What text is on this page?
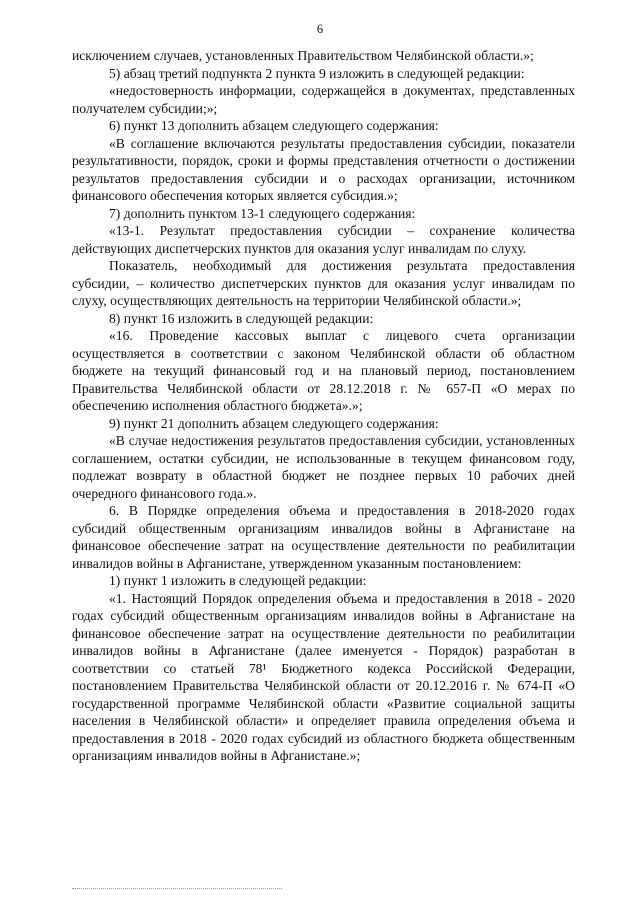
6

исключением случаев, установленных Правительством Челябинской области.»;

5) абзац третий подпункта 2 пункта 9 изложить в следующей редакции:

«недостоверность информации, содержащейся в документах, представленных получателем субсидии;»;

6) пункт 13 дополнить абзацем следующего содержания:

«В соглашение включаются результаты предоставления субсидии, показатели результативности, порядок, сроки и формы представления отчетности о достижении результатов предоставления субсидии и о расходах организации, источником финансового обеспечения которых является субсидия.»;

7) дополнить пунктом 13-1 следующего содержания:

«13-1. Результат предоставления субсидии – сохранение количества действующих диспетчерских пунктов для оказания услуг инвалидам по слуху.

Показатель, необходимый для достижения результата предоставления субсидии, – количество диспетчерских пунктов для оказания услуг инвалидам по слуху, осуществляющих деятельность на территории Челябинской области.»;

8) пункт 16 изложить в следующей редакции:

«16. Проведение кассовых выплат с лицевого счета организации осуществляется в соответствии с законом Челябинской области об областном бюджете на текущий финансовый год и на плановый период, постановлением Правительства Челябинской области от 28.12.2018 г. № 657-П «О мерах по обеспечению исполнения областного бюджета».»;

9) пункт 21 дополнить абзацем следующего содержания:

«В случае недостижения результатов предоставления субсидии, установленных соглашением, остатки субсидии, не использованные в текущем финансовом году, подлежат возврату в областной бюджет не позднее первых 10 рабочих дней очередного финансового года.».

6. В Порядке определения объема и предоставления в 2018-2020 годах субсидий общественным организациям инвалидов войны в Афганистане на финансовое обеспечение затрат на осуществление деятельности по реабилитации инвалидов войны в Афганистане, утвержденном указанным постановлением:

1) пункт 1 изложить в следующей редакции:

«1. Настоящий Порядок определения объема и предоставления в 2018 - 2020 годах субсидий общественным организациям инвалидов войны в Афганистане на финансовое обеспечение затрат на осуществление деятельности по реабилитации инвалидов войны в Афганистане (далее именуется - Порядок) разработан в соответствии со статьей 78¹ Бюджетного кодекса Российской Федерации, постановлением Правительства Челябинской области от 20.12.2016 г. № 674-П «О государственной программе Челябинской области «Развитие социальной защиты населения в Челябинской области» и определяет правила определения объема и предоставления в 2018 - 2020 годах субсидий из областного бюджета общественным организациям инвалидов войны в Афганистане.»;
